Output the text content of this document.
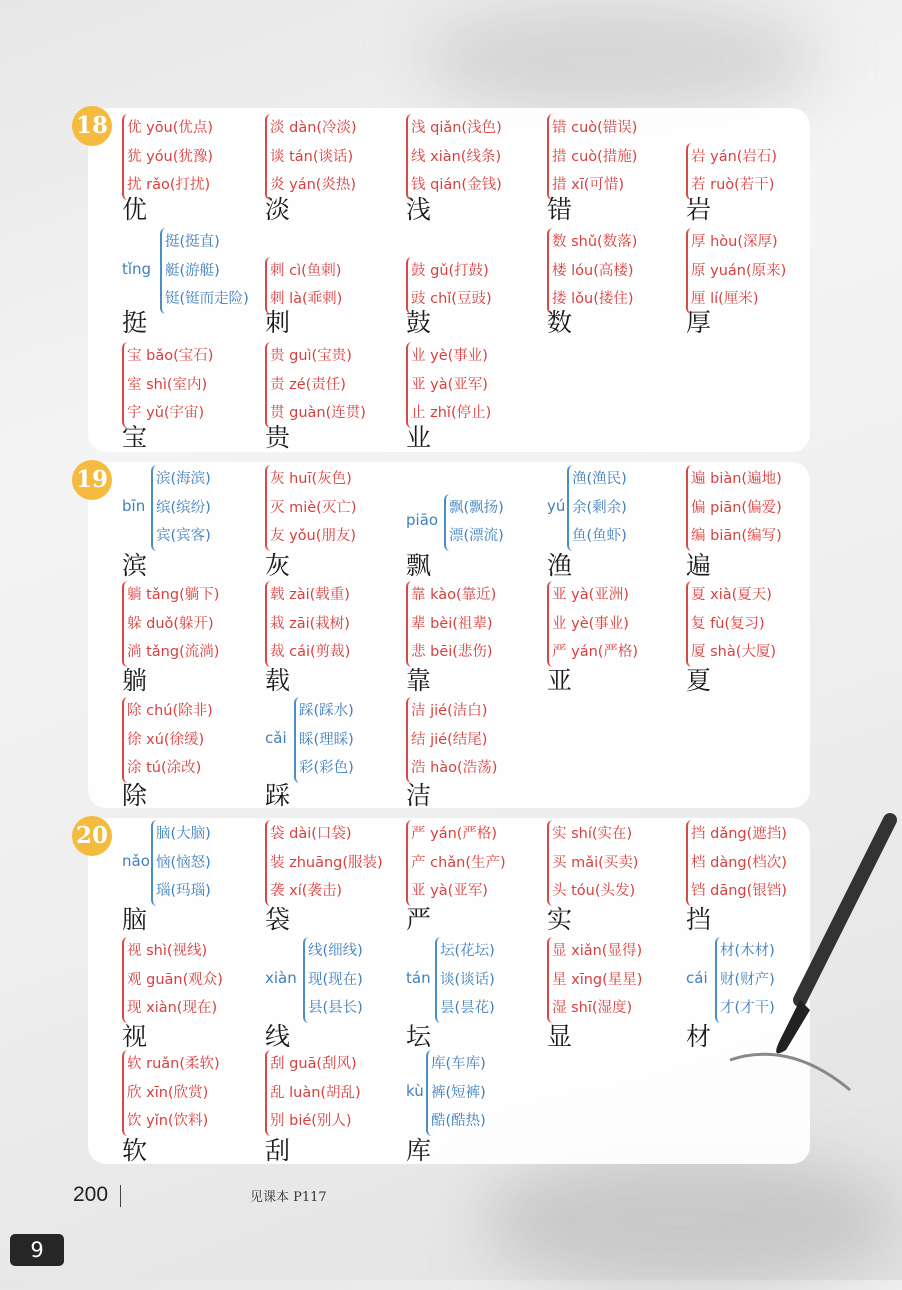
18 优 yōu(优点)
犹 yóu(犹豫)
扰 rǎo(打扰)
优
淡 dàn(冷淡)
谈 tán(谈话)
炎 yán(炎热)
淡
浅 qiǎn(浅色)
线 xiàn(线条)
钱 qián(金钱)
浅
错 cuò(错误)
措 cuò(措施)
措 xī(可惜)
错
岩 yán(岩石)
若 ruò(若干)
岩
tǐng
挺(挺直)
艇(游艇)
铤(铤而走险)
挺
刺 cì(鱼刺)
刺 là(乖刺)
刺
鼓 gǔ(打鼓)
豉 chǐ(豆豉)
鼓
数 shǔ(数落)
楼 lóu(高楼)
搂 lǒu(搂住)
数
厚 hòu(深厚)
原 yuán(原来)
厘 lí(厘米)
厚
宝 bǎo(宝石)
室 shì(室内)
宇 yǔ(宇宙)
宝
贵 guì(宝贵)
责 zé(责任)
贯 guàn(连贯)
贵
业 yè(事业)
亚 yà(亚军)
止 zhǐ(停止)
业
19
bīn
滨(海滨)
缤(缤纷)
宾(宾客)
滨
灰 huī(灰色)
灭 miè(灭亡)
友 yǒu(朋友)
灰
piāo
飘(飘扬)
漂(漂流)
飘
yú
渔(渔民)
余(剩余)
鱼(鱼虾)
渔
遍 biàn(遍地)
偏 piān(偏爱)
编 biān(编写)
遍
躺 tǎng(躺下)
躲 duǒ(躲开)
淌 tǎng(流淌)
躺
载 zài(载重)
栽 zāi(栽树)
裁 cái(剪裁)
载
靠 kào(靠近)
辈 bèi(祖辈)
悲 bēi(悲伤)
靠
亚 yà(亚洲)
业 yè(事业)
严 yán(严格)
亚
夏 xià(夏天)
复 fù(复习)
厦 shà(大厦)
夏
除 chú(除非)
徐 xú(徐缓)
涂 tú(涂改)
除
cǎi
踩(踩水)
睬(理睬)
彩(彩色)
踩
洁 jié(洁白)
结 jié(结尾)
浩 hào(浩荡)
洁
20
nǎo
脑(大脑)
恼(恼怒)
瑙(玛瑙)
脑
袋 dài(口袋)
装 zhuāng(服装)
袭 xí(袭击)
袋
严 yán(严格)
产 chǎn(生产)
亚 yà(亚军)
严
实 shí(实在)
买 mǎi(买卖)
头 tóu(头发)
实
挡 dǎng(遮挡)
档 dàng(档次)
铛 dāng(银铛)
挡
视 shì(视线)
观 guān(观众)
现 xiàn(现在)
视
xiàn
线(细线)
现(现在)
县(县长)
线
tán
坛(花坛)
谈(谈话)
昙(昙花)
坛
显 xiǎn(显得)
星 xīng(星星)
湿 shī(湿度)
显
cái
材(木材)
财(财产)
才(才干)
材
软 ruǎn(柔软)
欣 xīn(欣赏)
饮 yǐn(饮料)
软
刮 guā(刮风)
乱 luàn(胡乱)
别 bié(别人)
刮
kù
库(车库)
裤(短裤)
酷(酷热)
库
200	见课本 P117
9
